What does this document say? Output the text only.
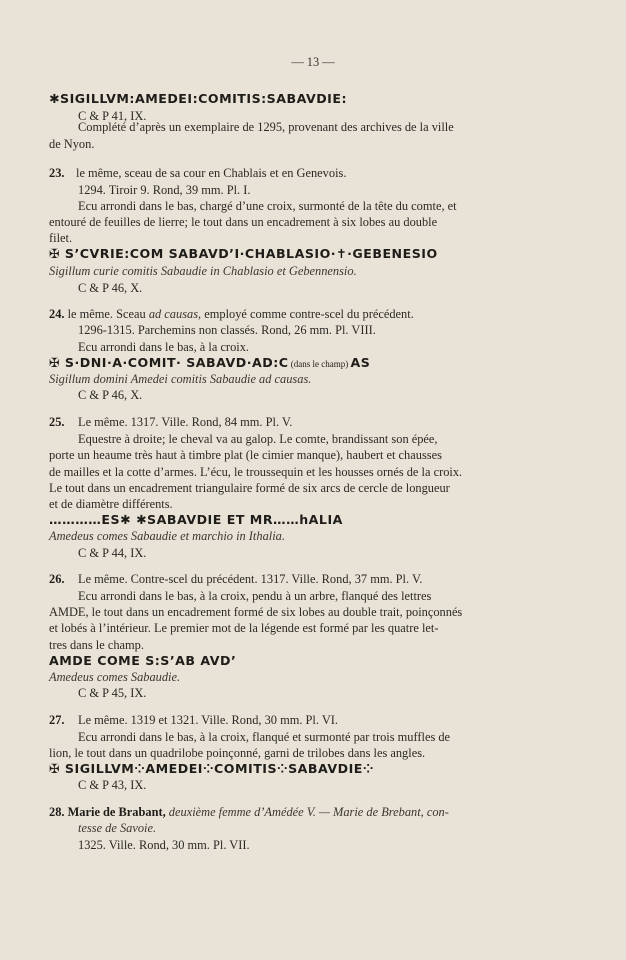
— 13 —
✱SIGILLVM:AMEDEI:COMITIS:SABAVDIE:
C & P 41, IX.
Complété d’après un exemplaire de 1295, provenant des archives de la ville
de Nyon.
23. le même, sceau de sa cour en Chablais et en Genevois.
1294. Tiroir 9. Rond, 39 mm. Pl. I.
Ecu arrondi dans le bas, chargé d’une croix, surmonté de la tête du comte, et
entouré de feuilles de lierre; le tout dans un encadrement à six lobes au double
filet.
✠ S’CVRIE:COM SABAVD’I·CHABLASIO·✝·GEBENESIO
Sigillum curie comitis Sabaudie in Chablasio et Gebennensio.
C & P 46, X.
24. le même. Sceau ad causas, employé comme contre-scel du précédent.
1296-1315. Parchemins non classés. Rond, 26 mm. Pl. VIII.
Ecu arrondi dans le bas, à la croix.
✠ S·DNI·A·COMIT· SABAVD·AD:C (dans le champ) AS
Sigillum domini Amedei comitis Sabaudie ad causas.
C & P 46, X.
25. Le même. 1317. Ville. Rond, 84 mm. Pl. V.
Equestre à droite; le cheval va au galop. Le comte, brandissant son épée,
porte un heaume très haut à timbre plat (le cimier manque), haubert et chausses
de mailles et la cotte d’armes. L’écu, le troussequin et les housses ornés de la croix.
Le tout dans un encadrement triangulaire formé de six arcs de cercle de longueur
et de diamètre différents.
…………ES✱ ✱SABAVDIE ET MR……hALIA
Amedeus comes Sabaudie et marchio in Ithalia.
C & P 44, IX.
26. Le même. Contre-scel du précédent. 1317. Ville. Rond, 37 mm. Pl. V.
Ecu arrondi dans le bas, à la croix, pendu à un arbre, flanqué des lettres
AMDE, le tout dans un encadrement formé de six lobes au double trait, poinçonnés
et lobés à l’intérieur. Le premier mot de la légende est formé par les quatre let-
tres dans le champ.
AMDE COME S:S’AB AVD’
Amedeus comes Sabaudie.
C & P 45, IX.
27. Le même. 1319 et 1321. Ville. Rond, 30 mm. Pl. VI.
Ecu arrondi dans le bas, à la croix, flanqué et surmonté par trois muffles de
lion, le tout dans un quadrilobe poinçonné, garni de trilobes dans les angles.
✠ SIGILLVM⁘AMEDEI⁘COMITIS⁘SABAVDIE⁘
C & P 43, IX.
28. Marie de Brabant, deuxième femme d’Amédée V. — Marie de Brebant, con-
tesse de Savoie.
1325. Ville. Rond, 30 mm. Pl. VII.
